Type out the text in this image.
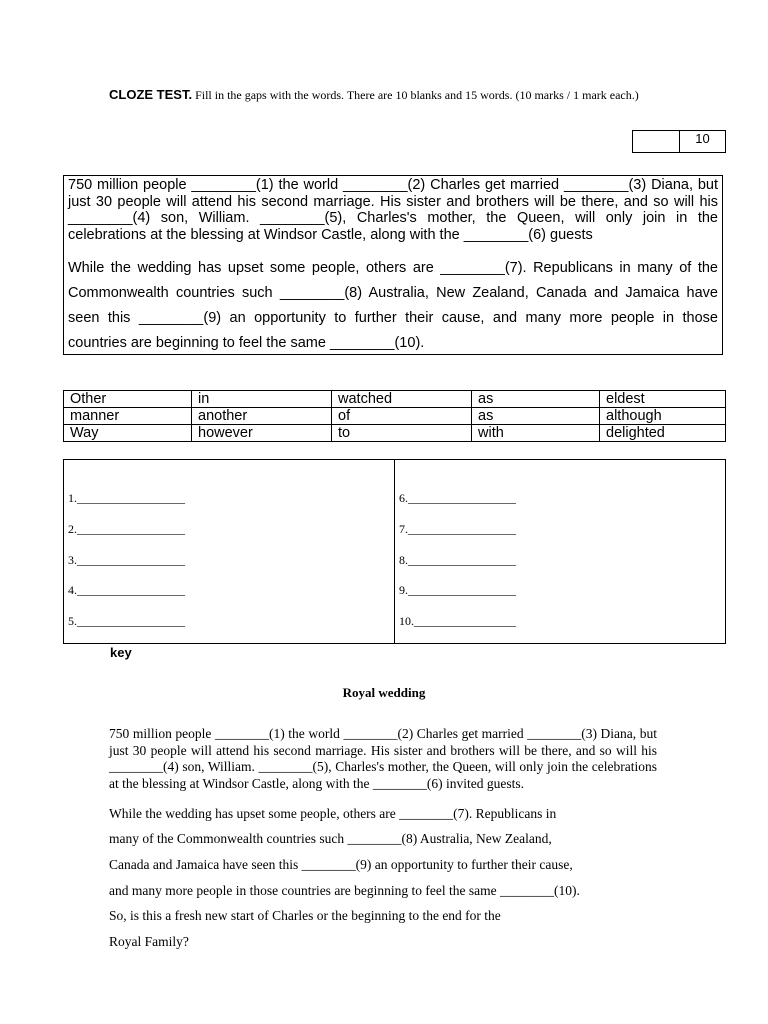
CLOZE TEST. Fill in the gaps with the words. There are 10 blanks and 15 words. (10 marks / 1 mark each.)
10

750 million people ________(1) the world ________(2) Charles get married ________(3) Diana, but just 30 people will attend his second marriage. His sister and brothers will be there, and so will his ________(4) son, William. ________(5), Charles's mother, the Queen, will only join in the celebrations at the blessing at Windsor Castle, along with the ________(6) guests

While the wedding has upset some people, others are ________(7). Republicans in many of the Commonwealth countries such ________(8) Australia, New Zealand, Canada and Jamaica have seen this ________(9) an opportunity to further their cause, and many more people in those countries are beginning to feel the same ________(10).

Other	in	watched	as	eldest
manner	another	of	as	although
Way	however	to	with	delighted
1.__________________
2.__________________
3.__________________
4.__________________
5.__________________
6.__________________
7.__________________
8.__________________
9.__________________
10._________________
key
Royal wedding

750 million people ________(1) the world ________(2) Charles get married ________(3) Diana, but just 30 people will attend his second marriage. His sister and brothers will be there, and so will his ________(4) son, William. ________(5), Charles's mother, the Queen, will only join the celebrations at the blessing at Windsor Castle, along with the ________(6) invited guests.

While the wedding has upset some people, others are ________(7). Republicans in

many of the Commonwealth countries such ________(8) Australia, New Zealand,

Canada and Jamaica have seen this ________(9) an opportunity to further their cause,

and many more people in those countries are beginning to feel the same ________(10).

So, is this a fresh new start of Charles or the beginning to the end for the

Royal Family?
